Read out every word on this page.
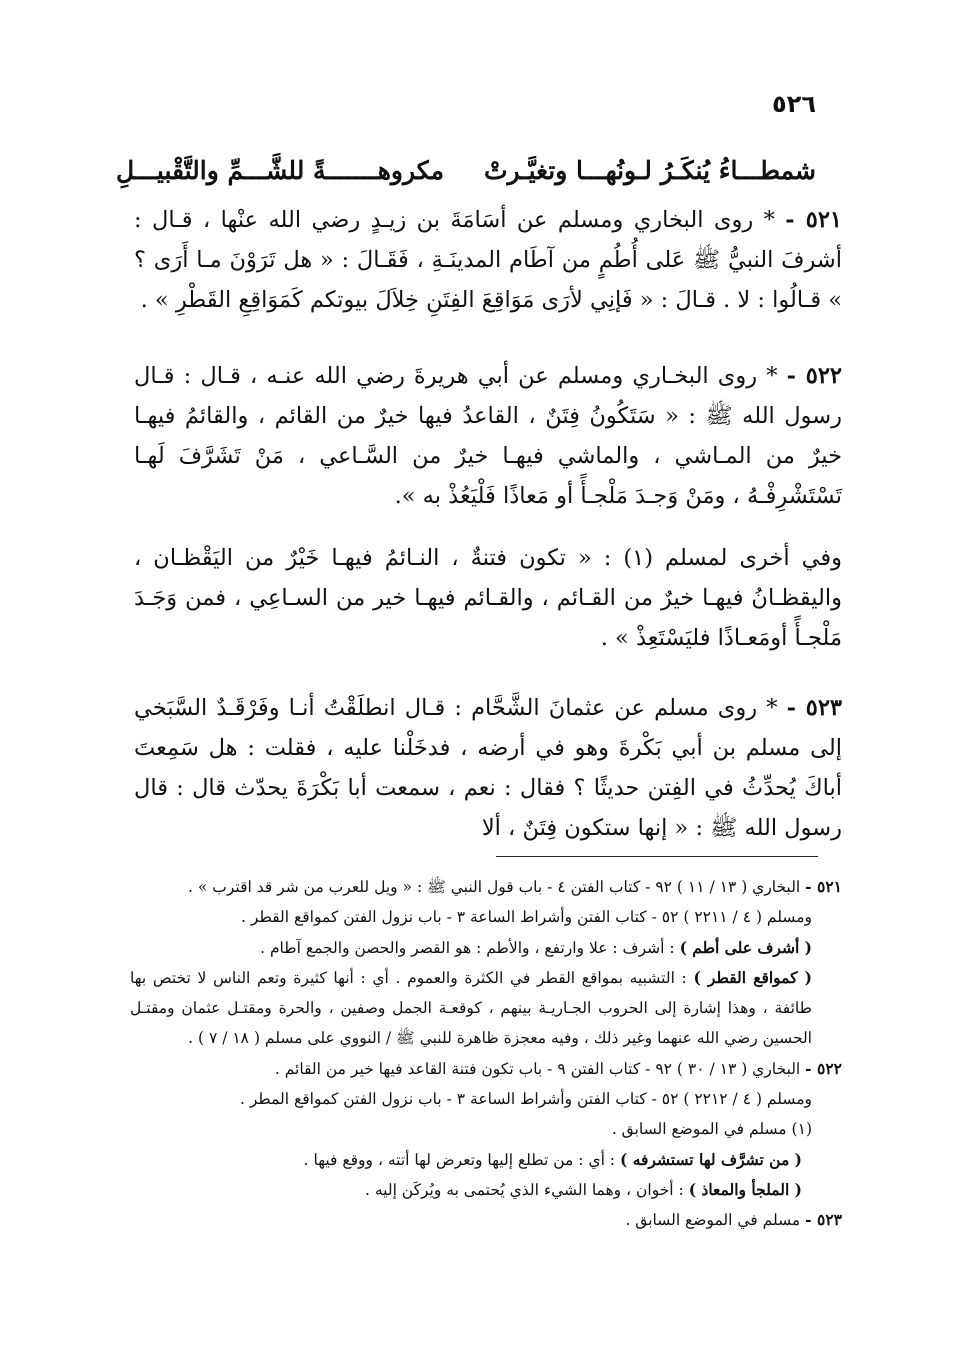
٥٢٦
شمطـــاءُ يُنكَـرُ لـونُهـــا وتغيَّـرتْ
مكروهـــــــةً للشَّـــمِّ والتَّقْبيـــلِ

٥٢١ - * روى البخاري ومسلم عن أسَامَةَ بن زيـدٍ رضي الله عنْها ، قـال : أشرفَ النبيُّ ﷺ عَلى أُطُمٍ من آطَام المدينَـةِ ، فَقَـالَ : « هل تَرَوْنَ مـا أَرَى ؟ » قـالُوا : لا . قـالَ : « فَإنِي لأرَى مَوَاقِعَ الفِتَنِ خِلاَلَ بيوتكم كَمَوَاقِعِ القَطْرِ » .

٥٢٢ - * روى البخـاري ومسلم عن أبي هريرةَ رضي الله عنـه ، قـال : قـال رسول الله ﷺ : « سَتَكُونُ فِتَنٌ ، القاعدُ فيها خيرٌ من القائم ، والقائمُ فيهـا خيرٌ من المـاشي ، والماشي فيهـا خيرٌ من السَّـاعي ، مَنْ تَشَرَّفَ لَهـا تَسْتَشْرِفْـهُ ، ومَنْ وَجـدَ مَلْجـأً أو مَعاذًا فَلْيَعُذْ به ».

وفي أخرى لمسلم (١) : « تكون فتنةٌ ، النـائمُ فيهـا خَيْرٌ من اليَقْظـان ، واليقظـانُ فيهـا خيرٌ من القـائم ، والقـائم فيهـا خير من السـاعِي ، فمن وَجَـدَ مَلْجـأً أومَعـاذًا فليَسْتَعِذْ » .

٥٢٣ - * روى مسلم عن عثمانَ الشَّحَّام : قـال انطلَقْتُ أنـا وفَرْقَـدٌ السَّبَخي إلى مسلم بن أبي بَكْرةَ وهو في أرضه ، فدخَلْنا عليه ، فقلت : هل سَمِعتَ أباكَ يُحدِّثُ في الفِتن حديثًا ؟ فقال : نعم ، سمعت أبا بَكْرَةَ يحدّث قال : قال رسول الله ﷺ : « إنها ستكون فِتَنٌ ، ألا

٥٢١ - البخاري ( ١٣ / ١١ ) ٩٢ - كتاب الفتن ٤ - باب قول النبي ﷺ : « ويل للعرب من شر قد اقترب » .

ومسلم ( ٤ / ٢٢١١ ) ٥٢ - كتاب الفتن وأشراط الساعة ٣ - باب نزول الفتن كمواقع القطر .

( أشرف على أطم ) : أشرف : علا وارتفع ، والأطم : هو القصر والحصن والجمع آطام .

( كمواقع القطر ) : التشبيه بمواقع القطر في الكثرة والعموم . أي : أنها كثيرة وتعم الناس لا تختص بها طائفة ، وهذا إشارة إلى الحروب الجـاريـة بينهم ، كوقعـة الجمل وصفين ، والحرة ومقتـل عثمان ومقتـل الحسين رضي الله عنهما وغير ذلك ، وفيه معجزة ظاهرة للنبي ﷺ / النووي على مسلم ( ١٨ / ٧ ) .

٥٢٢ - البخاري ( ١٣ / ٣٠ ) ٩٢ - كتاب الفتن ٩ - باب تكون فتنة القاعد فيها خير من القائم .

ومسلم ( ٤ / ٢٢١٢ ) ٥٢ - كتاب الفتن وأشراط الساعة ٣ - باب نزول الفتن كمواقع المطر .

(١) مسلم في الموضع السابق .

( من تشرَّف لها تستشرفه ) : أي : من تطلع إليها وتعرض لها أتته ، ووقع فيها .

( الملجأ والمعاذ ) : أخوان ، وهما الشيء الذي يُحتمى به ويُركَن إليه .

٥٢٣ - مسلم في الموضع السابق .
